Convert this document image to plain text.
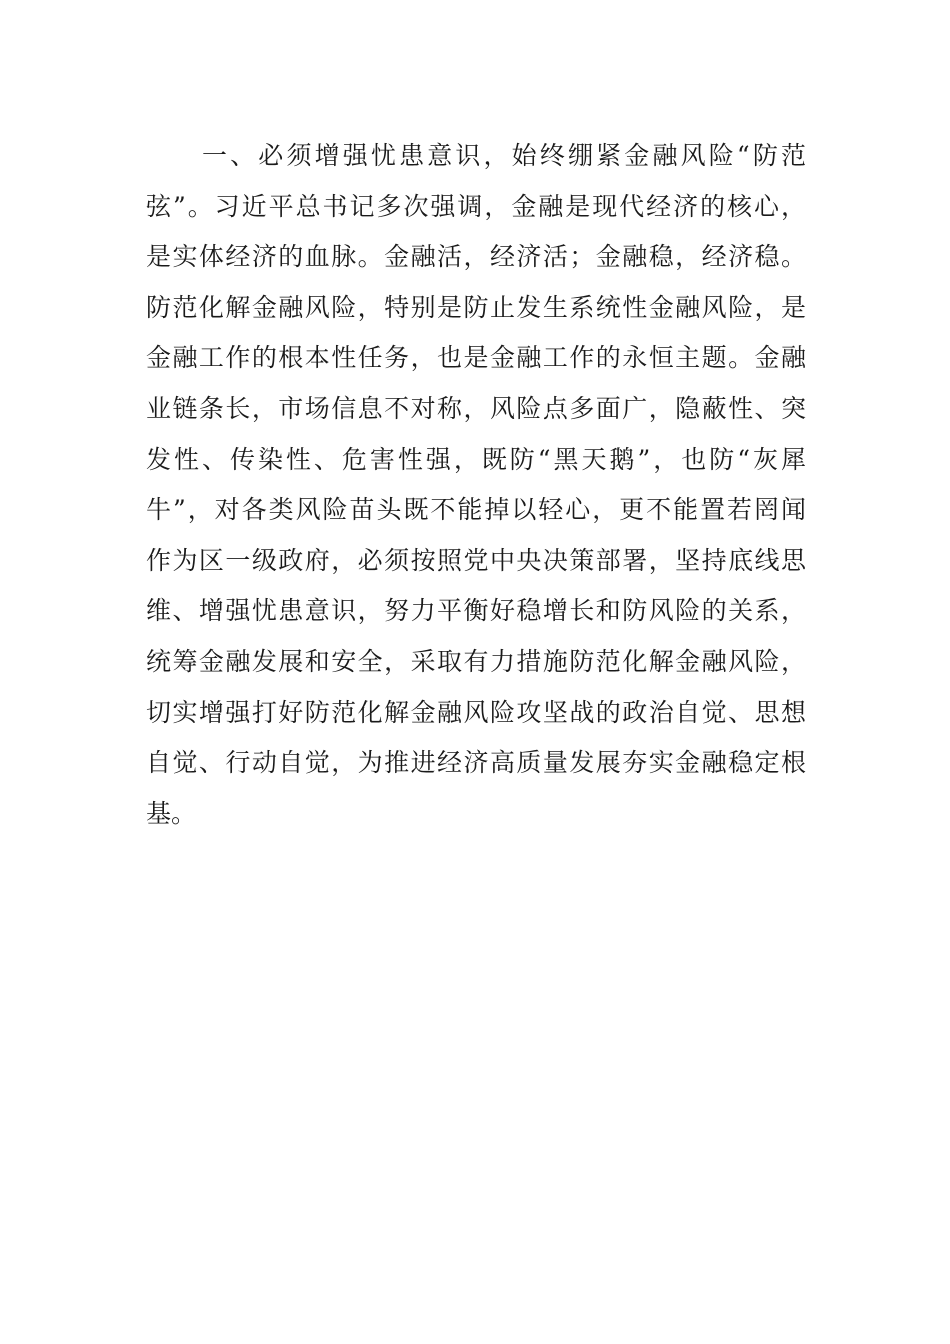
一、必须增强忧患意识，始终绷紧金融风险“防范
弦”。习近平总书记多次强调，金融是现代经济的核心，
是实体经济的血脉。金融活，经济活；金融稳，经济稳。
防范化解金融风险，特别是防止发生系统性金融风险，是
金融工作的根本性任务，也是金融工作的永恒主题。金融
业链条长，市场信息不对称，风险点多面广，隐蔽性、突
发性、传染性、危害性强，既防“黑天鹅”，也防“灰犀
牛”，对各类风险苗头既不能掉以轻心，更不能置若罔闻
作为区一级政府，必须按照党中央决策部署，坚持底线思
维、增强忧患意识，努力平衡好稳增长和防风险的关系，
统筹金融发展和安全，采取有力措施防范化解金融风险，
切实增强打好防范化解金融风险攻坚战的政治自觉、思想
自觉、行动自觉，为推进经济高质量发展夯实金融稳定根
基。
